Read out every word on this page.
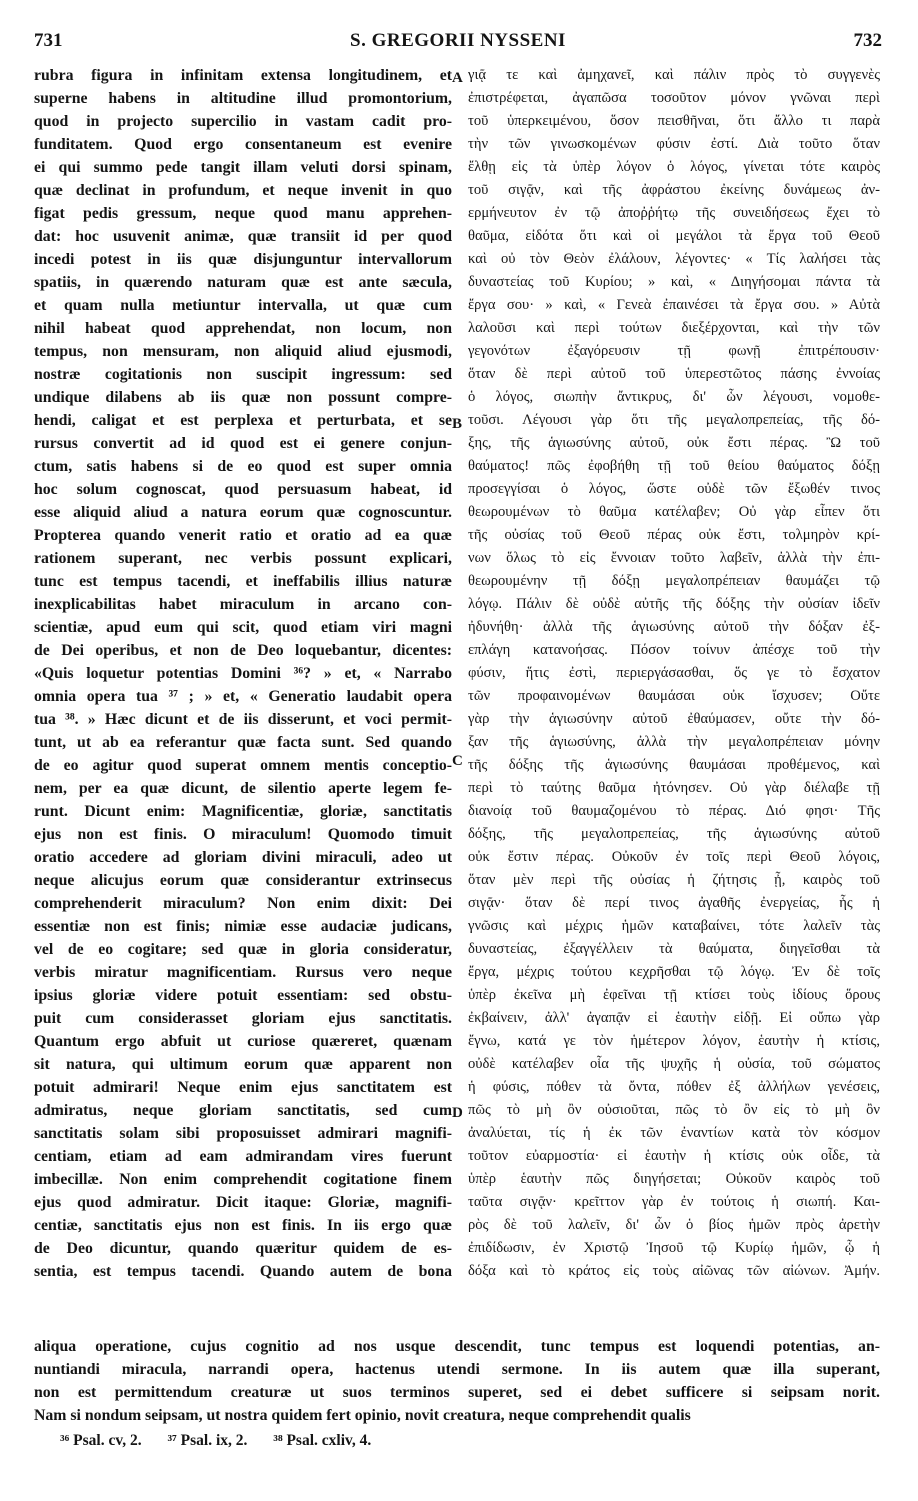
731	S. GREGORII NYSSENI	732
rubra figura in infinitam extensa longitudinem, et
superne habens in altitudine illud promontorium,
quod in projecto supercilio in vastam cadit pro-
funditatem. Quod ergo consentaneum est evenire
ei qui summo pede tangit illam veluti dorsi spinam,
quæ declinat in profundum, et neque invenit in quo
figat pedis gressum, neque quod manu apprehen-
dat: hoc usuvenit animæ, quæ transiit id per quod
incedi potest in iis quæ disjunguntur intervallorum
spatiis, in quærendo naturam quæ est ante sæcula,
et quam nulla metiuntur intervalla, ut quæ cum
nihil habeat quod apprehendat, non locum, non
tempus, non mensuram, non aliquid aliud ejusmodi,
nostræ cogitationis non suscipit ingressum: sed
undique dilabens ab iis quæ non possunt compre-
hendi, caligat et est perplexa et perturbata, et se
rursus convertit ad id quod est ei genere conjun-
ctum, satis habens si de eo quod est super omnia
hoc solum cognoscat, quod persuasum habeat, id
esse aliquid aliud a natura eorum quæ cognoscuntur.
Propterea quando venerit ratio et oratio ad ea quæ
rationem superant, nec verbis possunt explicari,
tunc est tempus tacendi, et ineffabilis illius naturæ
inexplicabilitas habet miraculum in arcano con-
scientiæ, apud eum qui scit, quod etiam viri magni
de Dei operibus, et non de Deo loquebantur, dicentes:
«Quis loquetur potentias Domini ³⁶? » et, « Narrabo
omnia opera tua ³⁷ ; » et, « Generatio laudabit opera
tua ³⁸. » Hæc dicunt et de iis disserunt, et voci permit-
tunt, ut ab ea referantur quæ facta sunt. Sed quando
de eo agitur quod superat omnem mentis conceptio-
nem, per ea quæ dicunt, de silentio aperte legem fe-
runt. Dicunt enim: Magnificentiæ, gloriæ, sanctitatis
ejus non est finis. O miraculum! Quomodo timuit
oratio accedere ad gloriam divini miraculi, adeo ut
neque alicujus eorum quæ considerantur extrinsecus
comprehenderit miraculum? Non enim dixit: Dei
essentiæ non est finis; nimiæ esse audaciæ judicans,
vel de eo cogitare; sed quæ in gloria consideratur,
verbis miratur magnificentiam. Rursus vero neque
ipsius gloriæ videre potuit essentiam: sed obstu-
puit cum considerasset gloriam ejus sanctitatis.
Quantum ergo abfuit ut curiose quæreret, quænam
sit natura, qui ultimum eorum quæ apparent non
potuit admirari! Neque enim ejus sanctitatem est
admiratus, neque gloriam sanctitatis, sed cum
sanctitatis solam sibi proposuisset admirari magnifi-
centiam, etiam ad eam admirandam vires fuerunt
imbecillæ. Non enim comprehendit cogitatione finem
ejus quod admiratur. Dicit itaque: Gloriæ, magnifi-
centiæ, sanctitatis ejus non est finis. In iis ergo quæ
de Deo dicuntur, quando quæritur quidem de es-
sentia, est tempus tacendi. Quando autem de bona
γιᾷ τε καὶ ἀμηχανεῖ, καὶ πάλιν πρὸς τὸ συγγενὲς
ἐπιστρέφεται, ἀγαπῶσα τοσοῦτον μόνον γνῶναι περὶ
τοῦ ὑπερκειμένου, ὅσον πεισθῆναι, ὅτι ἄλλο τι παρὰ
τὴν τῶν γινωσκομένων φύσιν ἐστί. Διὰ τοῦτο ὅταν
ἔλθῃ εἰς τὰ ὑπὲρ λόγον ὁ λόγος, γίνεται τότε καιρὸς
τοῦ σιγᾷν, καὶ τῆς ἀφράστου ἐκείνης δυνάμεως ἀν-
ερμήνευτον ἐν τῷ ἀποῤῥήτῳ τῆς συνειδήσεως ἔχει τὸ
θαῦμα, εἰδότα ὅτι καὶ οἱ μεγάλοι τὰ ἔργα τοῦ Θεοῦ
καὶ οὐ τὸν Θεὸν ἐλάλουν, λέγοντες· « Τίς λαλήσει τὰς
δυναστείας τοῦ Κυρίου; » καὶ, « Διηγήσομαι πάντα τὰ
ἔργα σου· » καὶ, « Γενεὰ ἐπαινέσει τὰ ἔργα σου. » Αὐτὰ
λαλοῦσι καὶ περὶ τούτων διεξέρχονται, καὶ τὴν τῶν
γεγονότων ἐξαγόρευσιν τῇ φωνῇ ἐπιτρέπουσιν·
ὅταν δὲ περὶ αὐτοῦ τοῦ ὑπερεστῶτος πάσης ἐννοίας
ὁ λόγος, σιωπὴν ἄντικρυς, δι' ὧν λέγουσι, νομοθε-
τοῦσι. Λέγουσι γὰρ ὅτι τῆς μεγαλοπρεπείας, τῆς δό-
ξης, τῆς ἁγιωσύνης αὐτοῦ, οὐκ ἔστι πέρας. Ὢ τοῦ
θαύματος! πῶς ἐφοβήθη τῇ τοῦ θείου θαύματος δόξῃ
προσεγγίσαι ὁ λόγος, ὥστε οὐδὲ τῶν ἔξωθέν τινος
θεωρουμένων τὸ θαῦμα κατέλαβεν; Οὐ γὰρ εἶπεν ὅτι
τῆς οὐσίας τοῦ Θεοῦ πέρας οὐκ ἔστι, τολμηρὸν κρί-
νων ὅλως τὸ εἰς ἔννοιαν τοῦτο λαβεῖν, ἀλλὰ τὴν ἐπι-
θεωρουμένην τῇ δόξῃ μεγαλοπρέπειαν θαυμάζει τῷ
λόγῳ. Πάλιν δὲ οὐδὲ αὐτῆς τῆς δόξης τὴν οὐσίαν ἰδεῖν
ἠδυνήθη· ἀλλὰ τῆς ἁγιωσύνης αὐτοῦ τὴν δόξαν ἐξ-
επλάγη κατανοήσας. Πόσον τοίνυν ἀπέσχε τοῦ τὴν
φύσιν, ἥτις ἐστὶ, περιεργάσασθαι, ὅς γε τὸ ἔσχατον
τῶν προφαινομένων θαυμάσαι οὐκ ἴσχυσεν; Οὔτε
γὰρ τὴν ἁγιωσύνην αὐτοῦ ἐθαύμασεν, οὔτε τὴν δό-
ξαν τῆς ἁγιωσύνης, ἀλλὰ τὴν μεγαλοπρέπειαν μόνην
τῆς δόξης τῆς ἁγιωσύνης θαυμάσαι προθέμενος, καὶ
περὶ τὸ ταύτης θαῦμα ἠτόνησεν. Οὐ γὰρ διέλαβε τῇ
διανοίᾳ τοῦ θαυμαζομένου τὸ πέρας. Διό φησι· Τῆς
δόξης, τῆς μεγαλοπρεπείας, τῆς ἁγιωσύνης αὐτοῦ
οὐκ ἔστιν πέρας. Οὐκοῦν ἐν τοῖς περὶ Θεοῦ λόγοις,
ὅταν μὲν περὶ τῆς οὐσίας ἡ ζήτησις ᾖ, καιρὸς τοῦ
σιγᾷν· ὅταν δὲ περί τινος ἀγαθῆς ἐνεργείας, ἧς ἡ
γνῶσις καὶ μέχρις ἡμῶν καταβαίνει, τότε λαλεῖν τὰς
δυναστείας, ἐξαγγέλλειν τὰ θαύματα, διηγεῖσθαι τὰ
ἔργα, μέχρις τούτου κεχρῆσθαι τῷ λόγῳ. Ἐν δὲ τοῖς
ὑπὲρ ἐκεῖνα μὴ ἐφεῖναι τῇ κτίσει τοὺς ἰδίους ὅρους
ἐκβαίνειν, ἀλλ' ἀγαπᾷν εἰ ἑαυτὴν εἰδῇ. Εἰ οὔπω γὰρ
ἔγνω, κατά γε τὸν ἡμέτερον λόγον, ἑαυτὴν ἡ κτίσις,
οὐδὲ κατέλαβεν οἷα τῆς ψυχῆς ἡ οὐσία, τοῦ σώματος
ἡ φύσις, πόθεν τὰ ὄντα, πόθεν ἐξ ἀλλήλων γενέσεις,
πῶς τὸ μὴ ὂν οὐσιοῦται, πῶς τὸ ὂν εἰς τὸ μὴ ὂν
ἀναλύεται, τίς ἡ ἐκ τῶν ἐναντίων κατὰ τὸν κόσμον
τοῦτον εὐαρμοστία· εἰ ἑαυτὴν ἡ κτίσις οὐκ οἶδε, τὰ
ὑπὲρ ἑαυτὴν πῶς διηγήσεται; Οὐκοῦν καιρὸς τοῦ
ταῦτα σιγᾷν· κρεῖττον γὰρ ἐν τούτοις ἡ σιωπή. Και-
ρὸς δὲ τοῦ λαλεῖν, δι' ὧν ὁ βίος ἡμῶν πρὸς ἀρετὴν
ἐπιδίδωσιν, ἐν Χριστῷ Ἰησοῦ τῷ Κυρίῳ ἡμῶν, ᾧ ἡ
δόξα καὶ τὸ κράτος εἰς τοὺς αἰῶνας τῶν αἰώνων. Ἀμήν.
A
B
C
D
aliqua operatione, cujus cognitio ad nos usque descendit, tunc tempus est loquendi potentias, an-
nuntiandi miracula, narrandi opera, hactenus utendi sermone. In iis autem quæ illa superant,
non est permittendum creaturæ ut suos terminos superet, sed ei debet sufficere si seipsam norit.
Nam si nondum seipsam, ut nostra quidem fert opinio, novit creatura, neque comprehendit qualis
³⁶ Psal. cv, 2. ³⁷ Psal. ix, 2. ³⁸ Psal. cxliv, 4.
